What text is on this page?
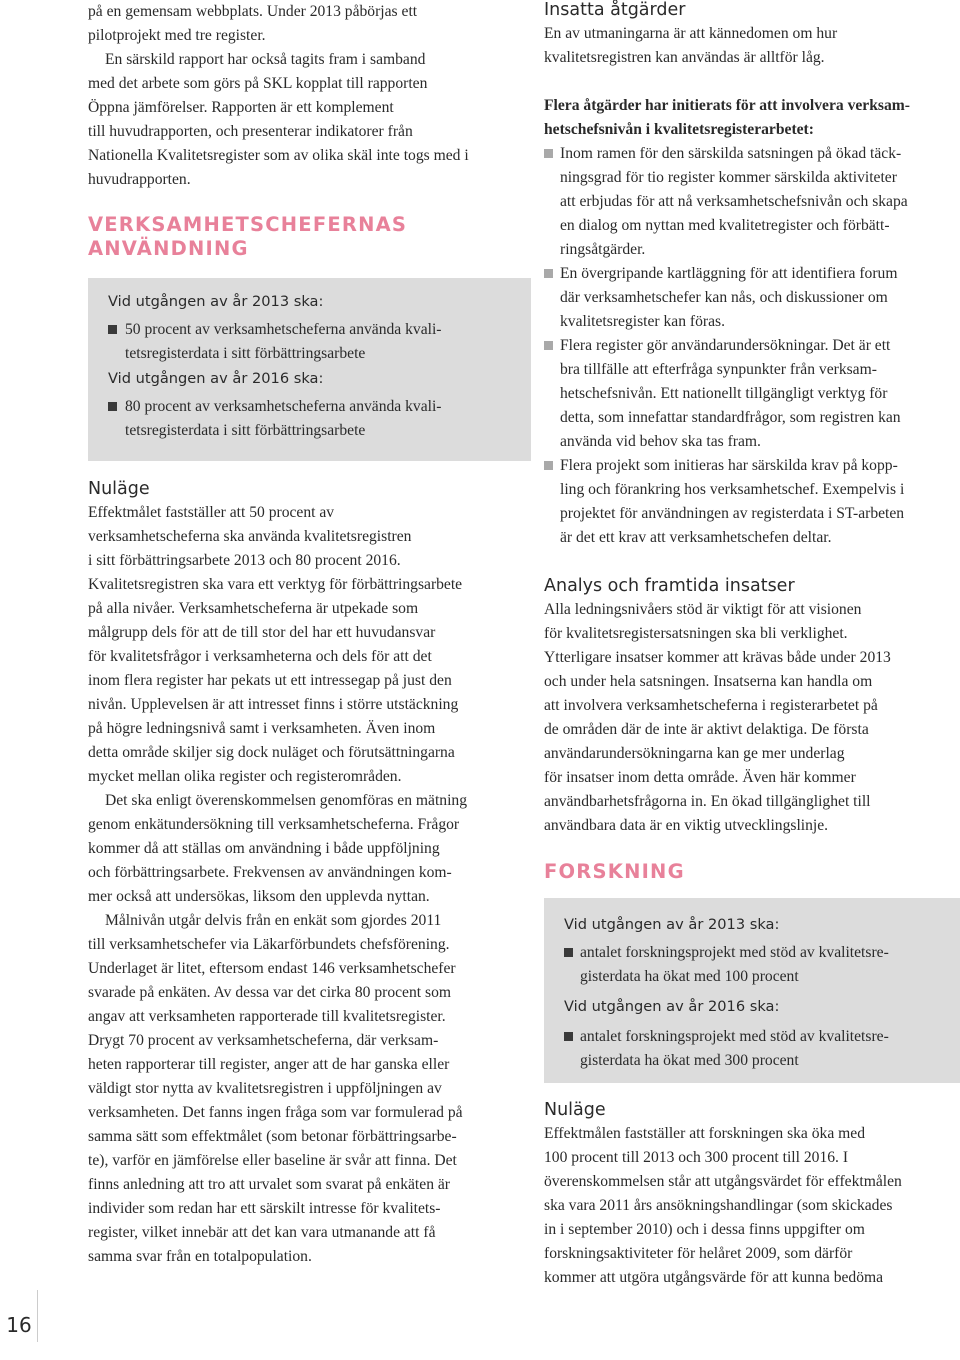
på en gemensam webbplats. Under 2013 påbörjas ett
pilotprojekt med tre register.
En särskild rapport har också tagits fram i samband
med det arbete som görs på SKL kopplat till rapporten
Öppna jämförelser. Rapporten är ett komplement
till huvudrapporten, och presenterar indikatorer från
Nationella Kvalitetsregister som av olika skäl inte togs med i
huvudrapporten.
VERKSAMHETSCHEFERNAS
ANVÄNDNING
Vid utgången av år 2013 ska:
50 procent av verksamhetscheferna använda kvali-
tetsregisterdata i sitt förbättringsarbete
Vid utgången av år 2016 ska:
80 procent av verksamhetscheferna använda kvali-
tetsregisterdata i sitt förbättringsarbete
Nuläge
Effektmålet fastställer att 50 procent av
verksamhetscheferna ska använda kvalitetsregistren
i sitt förbättringsarbete 2013 och 80 procent 2016.
Kvalitetsregistren ska vara ett verktyg för förbättringsarbete
på alla nivåer. Verksamhetscheferna är utpekade som
målgrupp dels för att de till stor del har ett huvudansvar
för kvalitetsfrågor i verksamheterna och dels för att det
inom flera register har pekats ut ett intressegap på just den
nivån. Upplevelsen är att intresset finns i större utstäckning
på högre ledningsnivå samt i verksamheten. Även inom
detta område skiljer sig dock nuläget och förutsättningarna
mycket mellan olika register och registerområden.
Det ska enligt överenskommelsen genomföras en mätning
genom enkätundersökning till verksamhetscheferna. Frågor
kommer då att ställas om användning i både uppföljning
och förbättringsarbete. Frekvensen av användningen kom-
mer också att undersökas, liksom den upplevda nyttan.
Målnivån utgår delvis från en enkät som gjordes 2011
till verksamhetschefer via Läkarförbundets chefsförening.
Underlaget är litet, eftersom endast 146 verksamhetschefer
svarade på enkäten. Av dessa var det cirka 80 procent som
angav att verksamheten rapporterade till kvalitetsregister.
Drygt 70 procent av verksamhetscheferna, där verksam-
heten rapporterar till register, anger att de har ganska eller
väldigt stor nytta av kvalitetsregistren i uppföljningen av
verksamheten. Det fanns ingen fråga som var formulerad på
samma sätt som effektmålet (som betonar förbättringsarbe-
te), varför en jämförelse eller baseline är svår att finna. Det
finns anledning att tro att urvalet som svarat på enkäten är
individer som redan har ett särskilt intresse för kvalitets-
register, vilket innebär att det kan vara utmanande att få
samma svar från en totalpopulation.
Insatta åtgärder
En av utmaningarna är att kännedomen om hur
kvalitetsregistren kan användas är alltför låg.
Flera åtgärder har initierats för att involvera verksam-
hetschefsnivån i kvalitetsregisterarbetet:
Inom ramen för den särskilda satsningen på ökad täck-
ningsgrad för tio register kommer särskilda aktiviteter
att erbjudas för att nå verksamhetschefsnivån och skapa
en dialog om nyttan med kvalitetregister och förbätt-
ringsåtgärder.
En övergripande kartläggning för att identifiera forum
där verksamhetschefer kan nås, och diskussioner om
kvalitetsregister kan föras.
Flera register gör användarundersökningar. Det är ett
bra tillfälle att efterfråga synpunkter från verksam-
hetschefsnivån. Ett nationellt tillgängligt verktyg för
detta, som innefattar standardfrågor, som registren kan
använda vid behov ska tas fram.
Flera projekt som initieras har särskilda krav på kopp-
ling och förankring hos verksamhetschef. Exempelvis i
projektet för användningen av registerdata i ST-arbeten
är det ett krav att verksamhetschefen deltar.
Analys och framtida insatser
Alla ledningsnivåers stöd är viktigt för att visionen
för kvalitetsregistersatsningen ska bli verklighet.
Ytterligare insatser kommer att krävas både under 2013
och under hela satsningen. Insatserna kan handla om
att involvera verksamhetscheferna i registerarbetet på
de områden där de inte är aktivt delaktiga. De första
användarundersökningarna kan ge mer underlag
för insatser inom detta område. Även här kommer
användbarhetsfrågorna in. En ökad tillgänglighet till
användbara data är en viktig utvecklingslinje.
FORSKNING
Vid utgången av år 2013 ska:
antalet forskningsprojekt med stöd av kvalitetsre-
gisterdata ha ökat med 100 procent
Vid utgången av år 2016 ska:
antalet forskningsprojekt med stöd av kvalitetsre-
gisterdata ha ökat med 300 procent
Nuläge
Effektmålen fastställer att forskningen ska öka med
100 procent till 2013 och 300 procent till 2016. I
överenskommelsen står att utgångsvärdet för effektmålen
ska vara 2011 års ansökningshandlingar (som skickades
in i september 2010) och i dessa finns uppgifter om
forskningsaktiviteter för helåret 2009, som därför
kommer att utgöra utgångsvärde för att kunna bedöma
16
